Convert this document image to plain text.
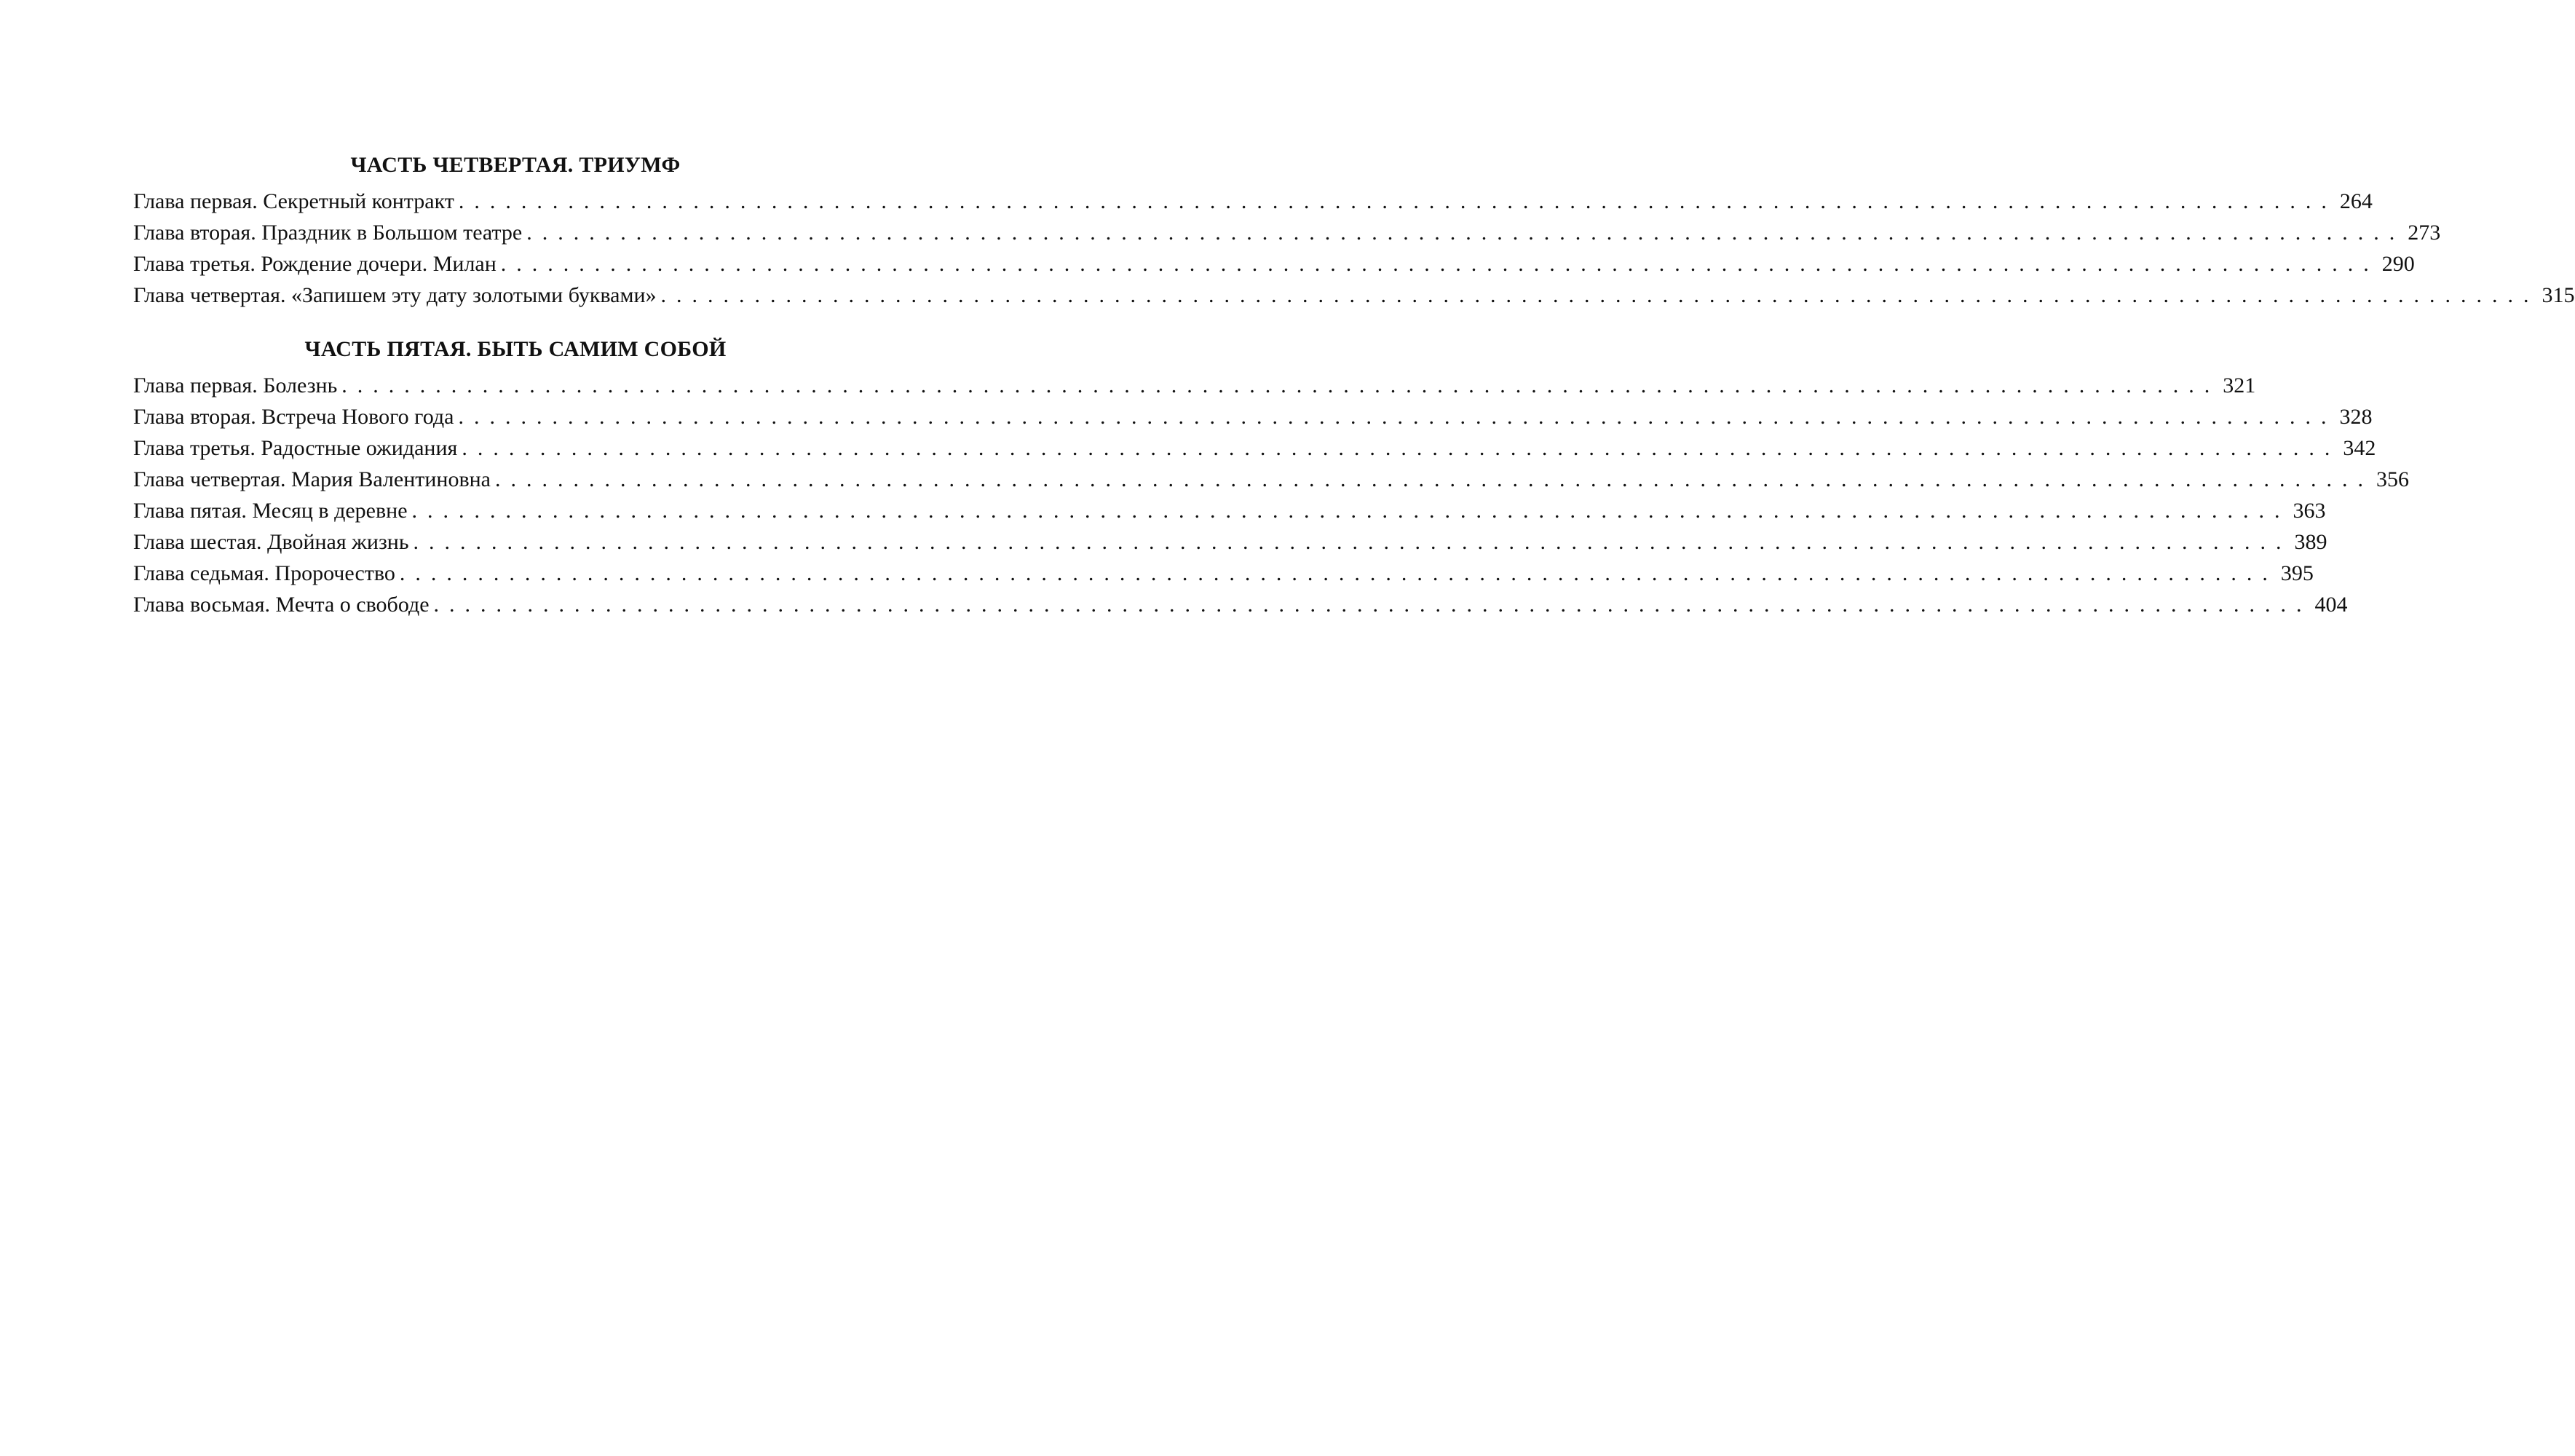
ЧАСТЬ ЧЕТВЕРТАЯ. ТРИУМФ
Глава первая. Секретный контракт ........................................................................................................................ 264
Глава вторая. Праздник в Большом театре ........................................................................................................................ 273
Глава третья. Рождение дочери. Милан ........................................................................................................................ 290
Глава четвертая. «Запишем эту дату золотыми буквами» ........................................................................................................................ 315
ЧАСТЬ ПЯТАЯ. БЫТЬ САМИМ СОБОЙ
Глава первая. Болезнь ........................................................................................................................ 321
Глава вторая. Встреча Нового года ........................................................................................................................ 328
Глава третья. Радостные ожидания ........................................................................................................................ 342
Глава четвертая. Мария Валентиновна ........................................................................................................................ 356
Глава пятая. Месяц в деревне ........................................................................................................................ 363
Глава шестая. Двойная жизнь ........................................................................................................................ 389
Глава седьмая. Пророчество ........................................................................................................................ 395
Глава восьмая. Мечта о свободе ........................................................................................................................ 404
